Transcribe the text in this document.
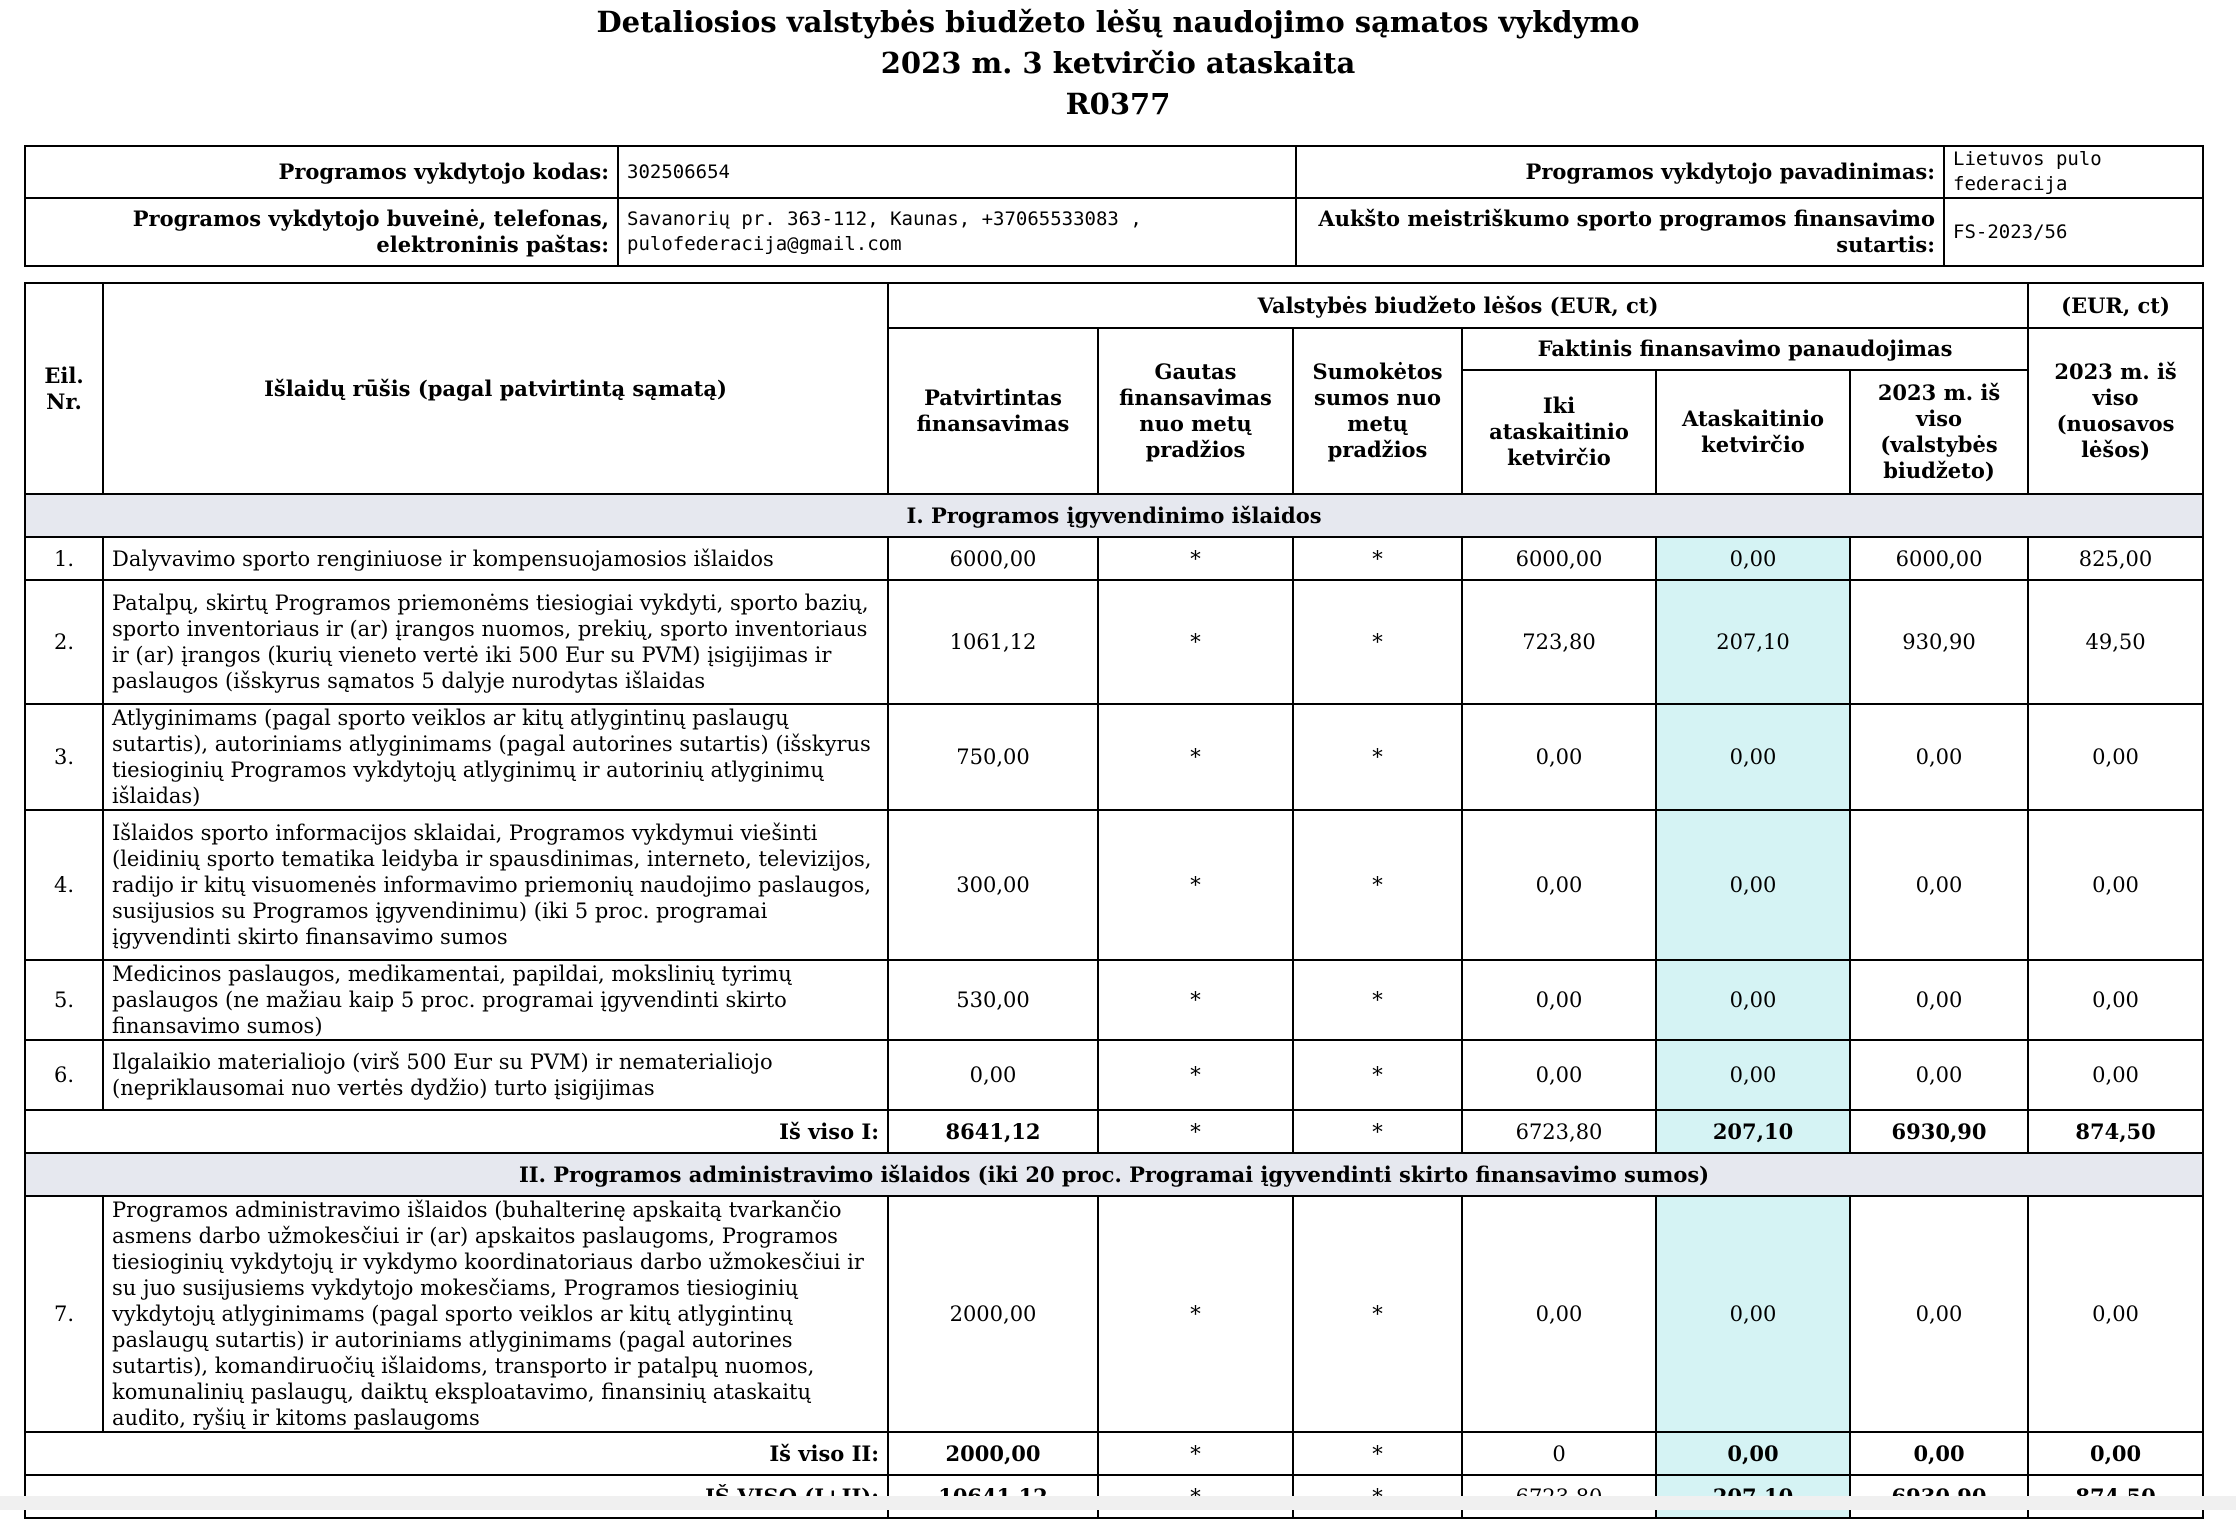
Detaliosios valstybės biudžeto lėšų naudojimo sąmatos vykdymo
2023 m. 3 ketvirčio ataskaita
R0377
Programos vykdytojo kodas:	302506654	Programos vykdytojo pavadinimas:	Lietuvos pulo federacija
Programos vykdytojo buveinė, telefonas, elektroninis paštas:	Savanorių pr. 363-112, Kaunas, +37065533083 , pulofederacija@gmail.com	Aukšto meistriškumo sporto programos finansavimo sutartis:	FS-2023/56
Eil. Nr.	Išlaidų rūšis (pagal patvirtintą sąmatą)	Valstybės biudžeto lėšos (EUR, ct)						(EUR, ct)
		Patvirtintas finansavimas	Gautas finansavimas nuo metų pradžios	Sumokėtos sumos nuo metų pradžios	Faktinis finansavimo panaudojimas			2023 m. iš viso (nuosavos lėšos)
					Iki ataskaitinio ketvirčio	Ataskaitinio ketvirčio	2023 m. iš viso (valstybės biudžeto)	
I. Programos įgyvendinimo išlaidos								
1.	Dalyvavimo sporto renginiuose ir kompensuojamosios išlaidos	6000,00	*	*	6000,00	0,00	6000,00	825,00
2.	Patalpų, skirtų Programos priemonėms tiesiogiai vykdyti, sporto bazių, sporto inventoriaus ir (ar) įrangos nuomos, prekių, sporto inventoriaus ir (ar) įrangos (kurių vieneto vertė iki 500 Eur su PVM) įsigijimas ir paslaugos (išskyrus sąmatos 5 dalyje nurodytas išlaidas	1061,12	*	*	723,80	207,10	930,90	49,50
3.	Atlyginimams (pagal sporto veiklos ar kitų atlygintinų paslaugų sutartis), autoriniams atlyginimams (pagal autorines sutartis) (išskyrus tiesioginių Programos vykdytojų atlyginimų ir autorinių atlyginimų išlaidas)	750,00	*	*	0,00	0,00	0,00	0,00
4.	Išlaidos sporto informacijos sklaidai, Programos vykdymui viešinti (leidinių sporto tematika leidyba ir spausdinimas, interneto, televizijos, radijo ir kitų visuomenės informavimo priemonių naudojimo paslaugos, susijusios su Programos įgyvendinimu) (iki 5 proc. programai įgyvendinti skirto finansavimo sumos	300,00	*	*	0,00	0,00	0,00	0,00
5.	Medicinos paslaugos, medikamentai, papildai, mokslinių tyrimų paslaugos (ne mažiau kaip 5 proc. programai įgyvendinti skirto finansavimo sumos)	530,00	*	*	0,00	0,00	0,00	0,00
6.	Ilgalaikio materialiojo (virš 500 Eur su PVM) ir nematerialiojo (nepriklausomai nuo vertės dydžio) turto įsigijimas	0,00	*	*	0,00	0,00	0,00	0,00
Iš viso I:		8641,12	*	*	6723,80	207,10	6930,90	874,50
II. Programos administravimo išlaidos (iki 20 proc. Programai įgyvendinti skirto finansavimo sumos)								
7.	Programos administravimo išlaidos (buhalterinę apskaitą tvarkančio asmens darbo užmokesčiui ir (ar) apskaitos paslaugoms, Programos tiesioginių vykdytojų ir vykdymo koordinatoriaus darbo užmokesčiui ir su juo susijusiems vykdytojo mokesčiams, Programos tiesioginių vykdytojų atlyginimams (pagal sporto veiklos ar kitų atlygintinų paslaugų sutartis) ir autoriniams atlyginimams (pagal autorines sutartis), komandiruočių išlaidoms, transporto ir patalpų nuomos, komunalinių paslaugų, daiktų eksploatavimo, finansinių ataskaitų audito, ryšių ir kitoms paslaugoms	2000,00	*	*	0,00	0,00	0,00	0,00
Iš viso II:		2000,00	*	*	0	0,00	0,00	0,00
